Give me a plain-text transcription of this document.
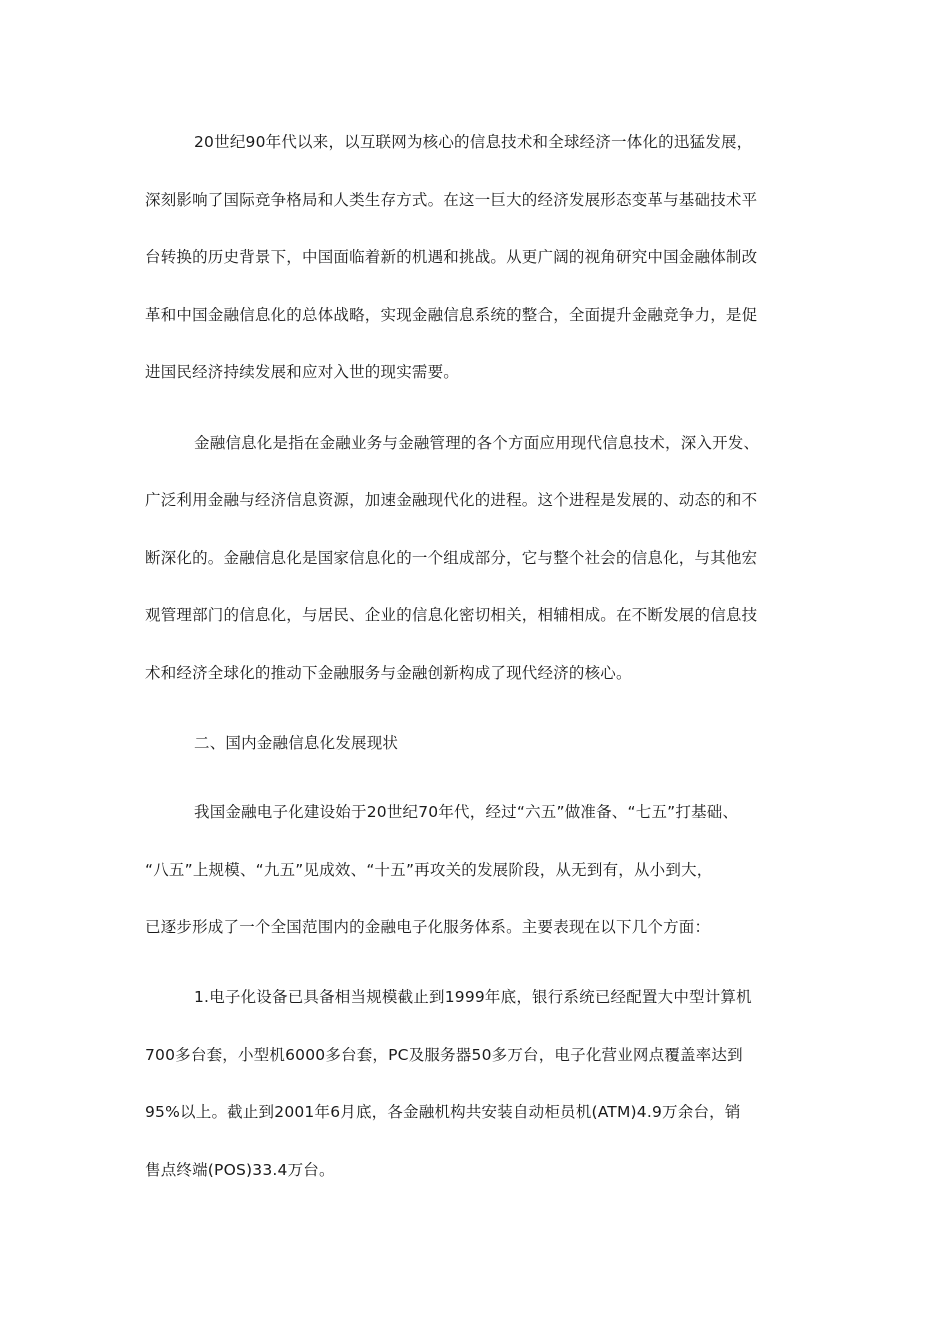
20世纪90年代以来，以互联网为核心的信息技术和全球经济一体化的迅猛发展，
深刻影响了国际竞争格局和人类生存方式。在这一巨大的经济发展形态变革与基础技术平
台转换的历史背景下，中国面临着新的机遇和挑战。从更广阔的视角研究中国金融体制改
革和中国金融信息化的总体战略，实现金融信息系统的整合，全面提升金融竞争力，是促
进国民经济持续发展和应对入世的现实需要。
金融信息化是指在金融业务与金融管理的各个方面应用现代信息技术，深入开发、
广泛利用金融与经济信息资源，加速金融现代化的进程。这个进程是发展的、动态的和不
断深化的。金融信息化是国家信息化的一个组成部分，它与整个社会的信息化，与其他宏
观管理部门的信息化，与居民、企业的信息化密切相关，相辅相成。在不断发展的信息技
术和经济全球化的推动下金融服务与金融创新构成了现代经济的核心。
二、国内金融信息化发展现状
我国金融电子化建设始于20世纪70年代，经过“六五”做准备、“七五”打基础、
“八五”上规模、“九五”见成效、“十五”再攻关的发展阶段，从无到有，从小到大，
已逐步形成了一个全国范围内的金融电子化服务体系。主要表现在以下几个方面：
1.电子化设备已具备相当规模截止到1999年底，银行系统已经配置大中型计算机
700多台套，小型机6000多台套，PC及服务器50多万台，电子化营业网点覆盖率达到
95%以上。截止到2001年6月底，各金融机构共安装自动柜员机(ATM)4.9万余台，销
售点终端(POS)33.4万台。
